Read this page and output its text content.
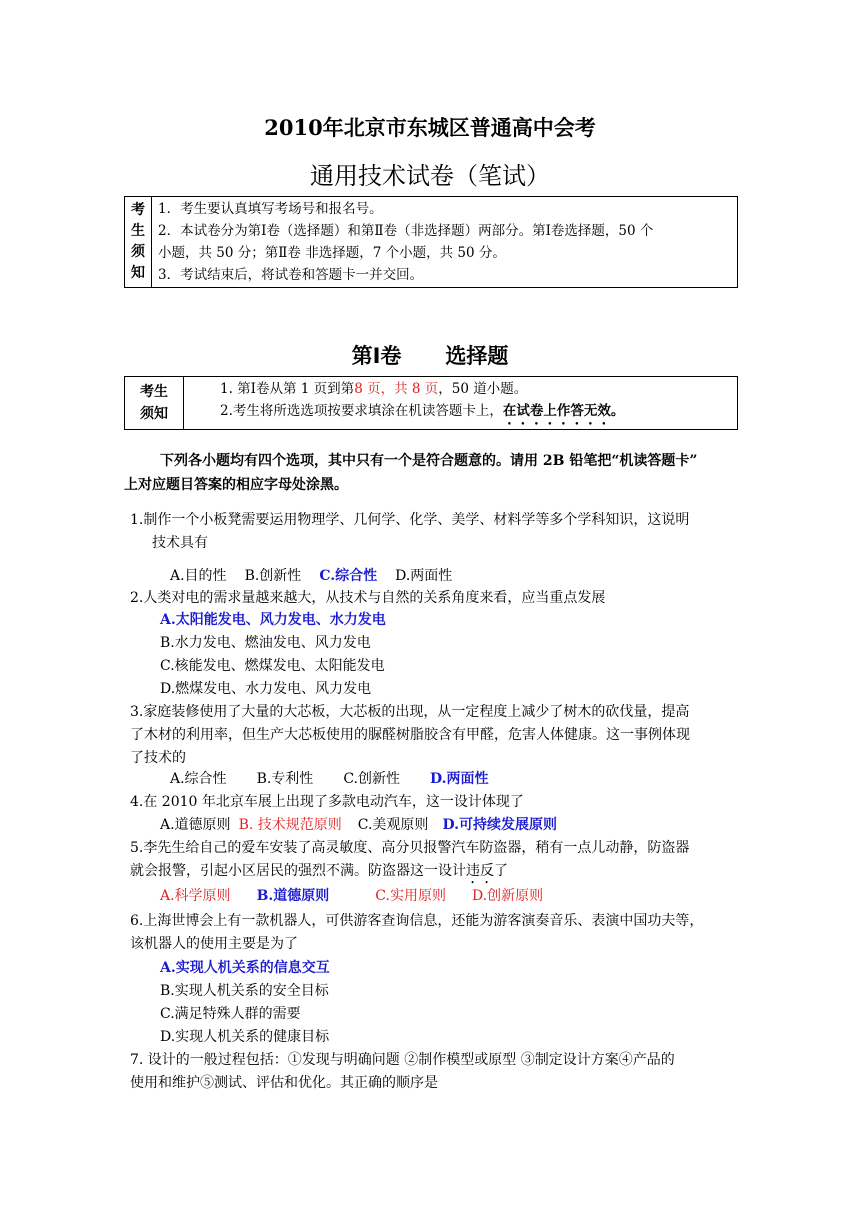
2010年北京市东城区普通高中会考
通用技术试卷（笔试）
考
生
须
知

1．考生要认真填写考场号和报名号。
2．本试卷分为第Ⅰ卷（选择题）和第Ⅱ卷（非选择题）两部分。第Ⅰ卷选择题，50 个
小题，共 50 分；第Ⅱ卷 非选择题，7 个小题，共 50 分。
3．考试结束后，将试卷和答题卡一并交回。
第Ⅰ卷 选择题
考生
须知

1. 第Ⅰ卷从第 1 页到第8 页，共 8 页，50 道小题。
2.考生将所选选项按要求填涂在机读答题卡上，在试卷上作答无效。
下列各小题均有四个选项，其中只有一个是符合题意的。请用 2B 铅笔把“机读答题卡”
上对应题目答案的相应字母处涂黑。
1.制作一个小板凳需要运用物理学、几何学、化学、美学、材料学等多个学科知识，这说明
技术具有
A.目的性 B.创新性 C.综合性 D.两面性
2.人类对电的需求量越来越大，从技术与自然的关系角度来看，应当重点发展
A.太阳能发电、风力发电、水力发电
B.水力发电、燃油发电、风力发电
C.核能发电、燃煤发电、太阳能发电
D.燃煤发电、水力发电、风力发电
3.家庭装修使用了大量的大芯板，大芯板的出现，从一定程度上减少了树木的砍伐量，提高
了木材的利用率，但生产大芯板使用的脲醛树脂胶含有甲醛，危害人体健康。这一事例体现
了技术的
A.综合性 B.专利性 C.创新性 D.两面性
4.在 2010 年北京车展上出现了多款电动汽车，这一设计体现了
A.道德原则 B. 技术规范原则 C.美观原则 D.可持续发展原则
5.李先生给自己的爱车安装了高灵敏度、高分贝报警汽车防盗器，稍有一点儿动静，防盗器
就会报警，引起小区居民的强烈不满。防盗器这一设计违反了
A.科学原则 B.道德原则	C.实用原则 D.创新原则
6.上海世博会上有一款机器人，可供游客查询信息，还能为游客演奏音乐、表演中国功夫等，
该机器人的使用主要是为了
A.实现人机关系的信息交互
B.实现人机关系的安全目标
C.满足特殊人群的需要
D.实现人机关系的健康目标
7. 设计的一般过程包括：①发现与明确问题 ②制作模型或原型 ③制定设计方案④产品的
使用和维护⑤测试、评估和优化。其正确的顺序是
